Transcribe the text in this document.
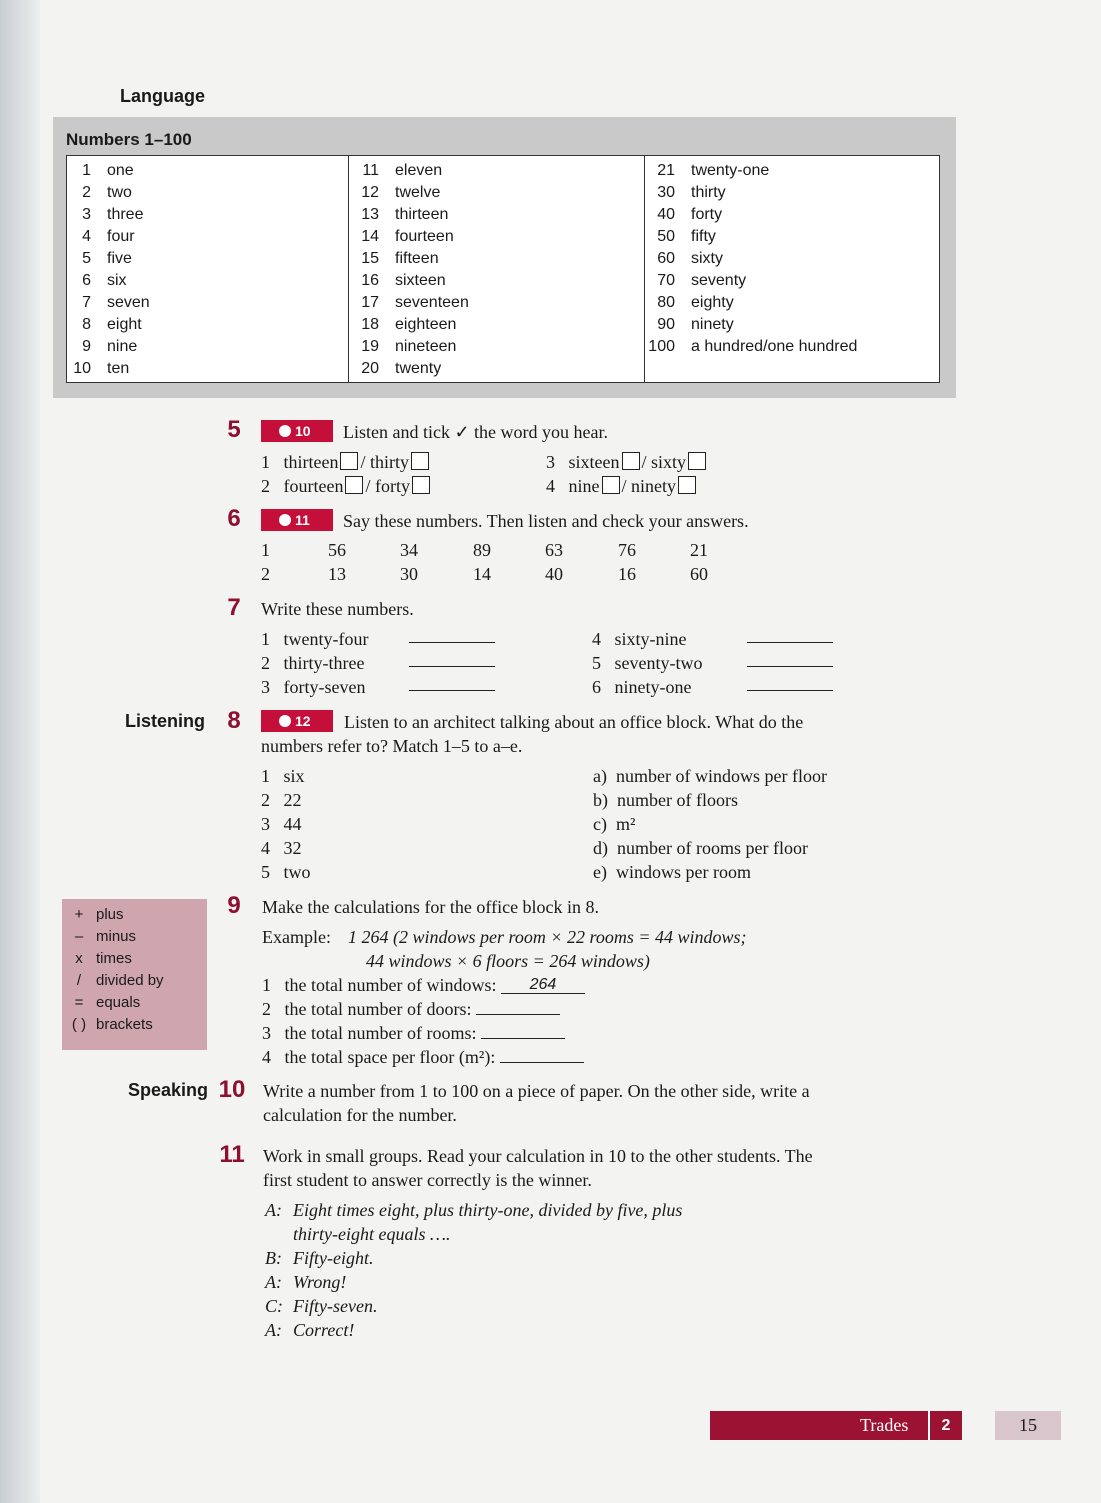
Language
Numbers 1–100
1 one
2 two
3 three
4 four
5 five
6 six
7 seven
8 eight
9 nine
10 ten
11 eleven
12 twelve
13 thirteen
14 fourteen
15 fifteen
16 sixteen
17 seventeen
18 eighteen
19 nineteen
20 twenty
21 twenty-one
30 thirty
40 forty
50 fifty
60 sixty
70 seventy
80 eighty
90 ninety
100 a hundred/one hundred
5	10	Listen and tick ✓ the word you hear.
1 thirteen / thirty
2 fourteen / forty
3 sixteen / sixty
4 nine / ninety
6	11	Say these numbers. Then listen and check your answers.
1	56	34	89	63	76	21
2	13	30	14	40	16	60
7 Write these numbers.
1 twenty-four
2 thirty-three
3 forty-seven
4 sixty-nine
5 seventy-two
6 ninety-one
Listening 8	12	Listen to an architect talking about an office block. What do the
numbers refer to? Match 1–5 to a–e.
1 six
2 22
3 44
4 32
5 two
a) number of windows per floor
b) number of floors
c) m²
d) number of rooms per floor
e) windows per room
+ plus
– minus
x times
/ divided by
= equals
( ) brackets
9 Make the calculations for the office block in 8.
Example: 1 264 (2 windows per room × 22 rooms = 44 windows;
44 windows × 6 floors = 264 windows)
1 the total number of windows: 264
2 the total number of doors:
3 the total number of rooms:
4 the total space per floor (m²):
Speaking 10 Write a number from 1 to 100 on a piece of paper. On the other side, write a
calculation for the number.
11 Work in small groups. Read your calculation in 10 to the other students. The
first student to answer correctly is the winner.
A: Eight times eight, plus thirty-one, divided by five, plus
thirty-eight equals ….
B: Fifty-eight.
A: Wrong!
C: Fifty-seven.
A: Correct!
Trades	2	15
